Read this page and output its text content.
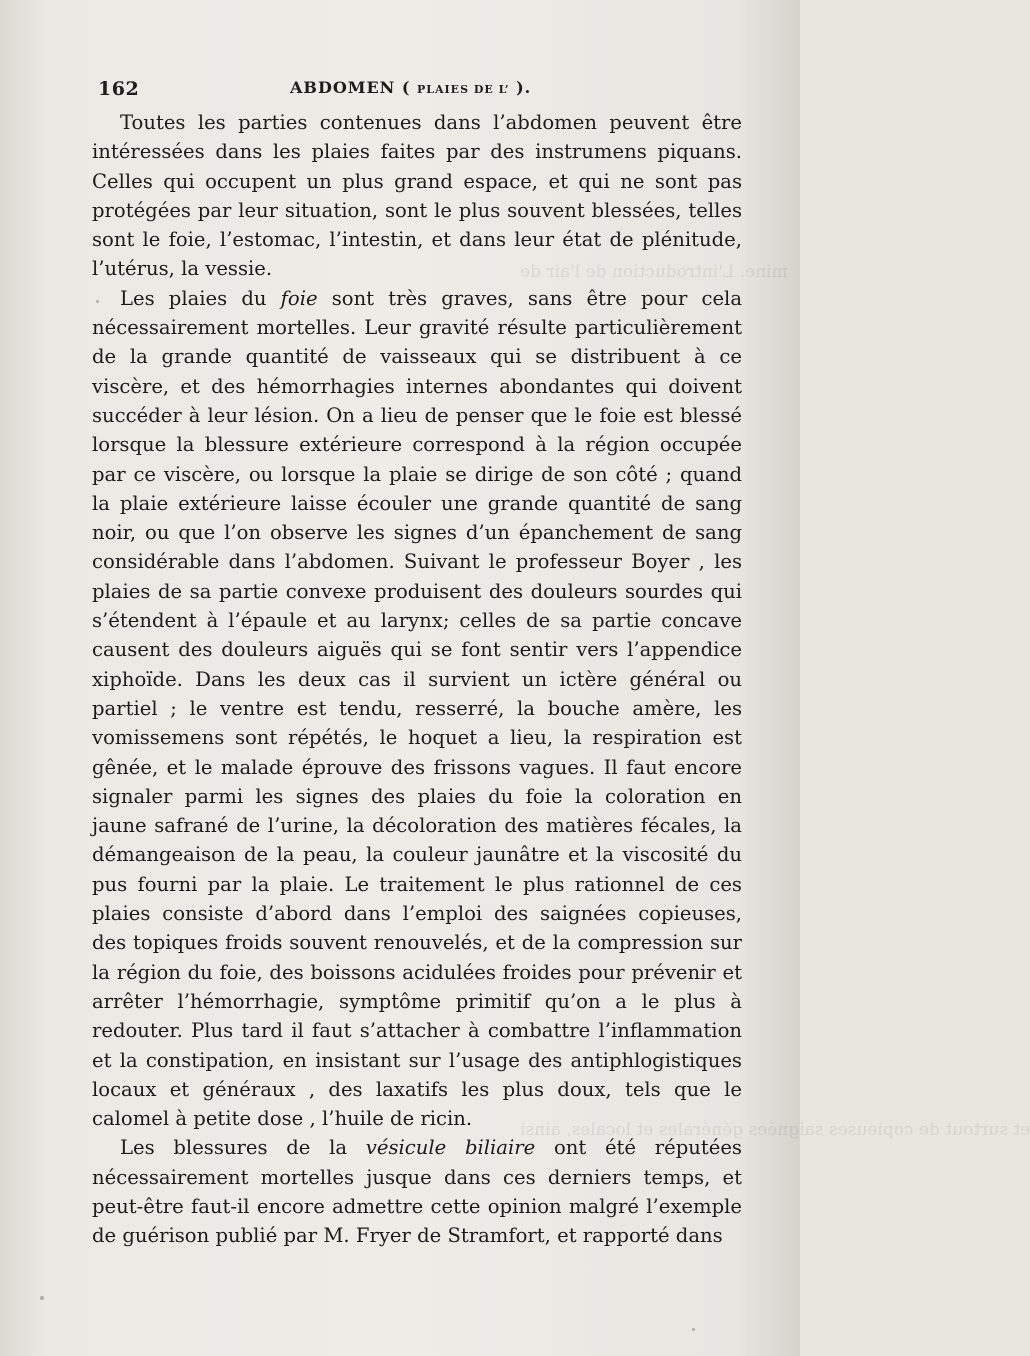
mine. L'introduction de l'air de
et surtout de copieuses saignées générales et locales, ainsi
162	ABDOMEN ( PLAIES DE L’ ).

Toutes les parties contenues dans l’abdomen peuvent être intéressées dans les plaies faites par des instrumens piquans. Celles qui occupent un plus grand espace, et qui ne sont pas protégées par leur situation, sont le plus souvent blessées, telles sont le foie, l’estomac, l’intestin, et dans leur état de plénitude, l’utérus, la vessie.

Les plaies du foie sont très graves, sans être pour cela nécessairement mortelles. Leur gravité résulte particulièrement de la grande quantité de vaisseaux qui se distribuent à ce viscère, et des hémorrhagies internes abondantes qui doivent succéder à leur lésion. On a lieu de penser que le foie est blessé lorsque la blessure extérieure correspond à la région occupée par ce viscère, ou lorsque la plaie se dirige de son côté ; quand la plaie extérieure laisse écouler une grande quantité de sang noir, ou que l’on observe les signes d’un épanchement de sang considérable dans l’abdomen. Suivant le professeur Boyer , les plaies de sa partie convexe produisent des douleurs sourdes qui s’étendent à l’épaule et au larynx; celles de sa partie concave causent des douleurs aiguës qui se font sentir vers l’appendice xiphoïde. Dans les deux cas il survient un ictère général ou partiel ; le ventre est tendu, resserré, la bouche amère, les vomissemens sont répétés, le hoquet a lieu, la respiration est gênée, et le malade éprouve des frissons vagues. Il faut encore signaler parmi les signes des plaies du foie la coloration en jaune safrané de l’urine, la décoloration des matières fécales, la démangeaison de la peau, la couleur jaunâtre et la viscosité du pus fourni par la plaie. Le traitement le plus rationnel de ces plaies consiste d’abord dans l’emploi des saignées copieuses, des topiques froids souvent renouvelés, et de la compression sur la région du foie, des boissons acidulées froides pour prévenir et arrêter l’hémorrhagie, symptôme primitif qu’on a le plus à redouter. Plus tard il faut s’attacher à combattre l’inflammation et la constipation, en insistant sur l’usage des antiphlogistiques locaux et généraux , des laxatifs les plus doux, tels que le calomel à petite dose , l’huile de ricin.

Les blessures de la vésicule biliaire ont été réputées nécessairement mortelles jusque dans ces derniers temps, et peut-être faut-il encore admettre cette opinion malgré l’exemple de guérison publié par M. Fryer de Stramfort, et rapporté dans
